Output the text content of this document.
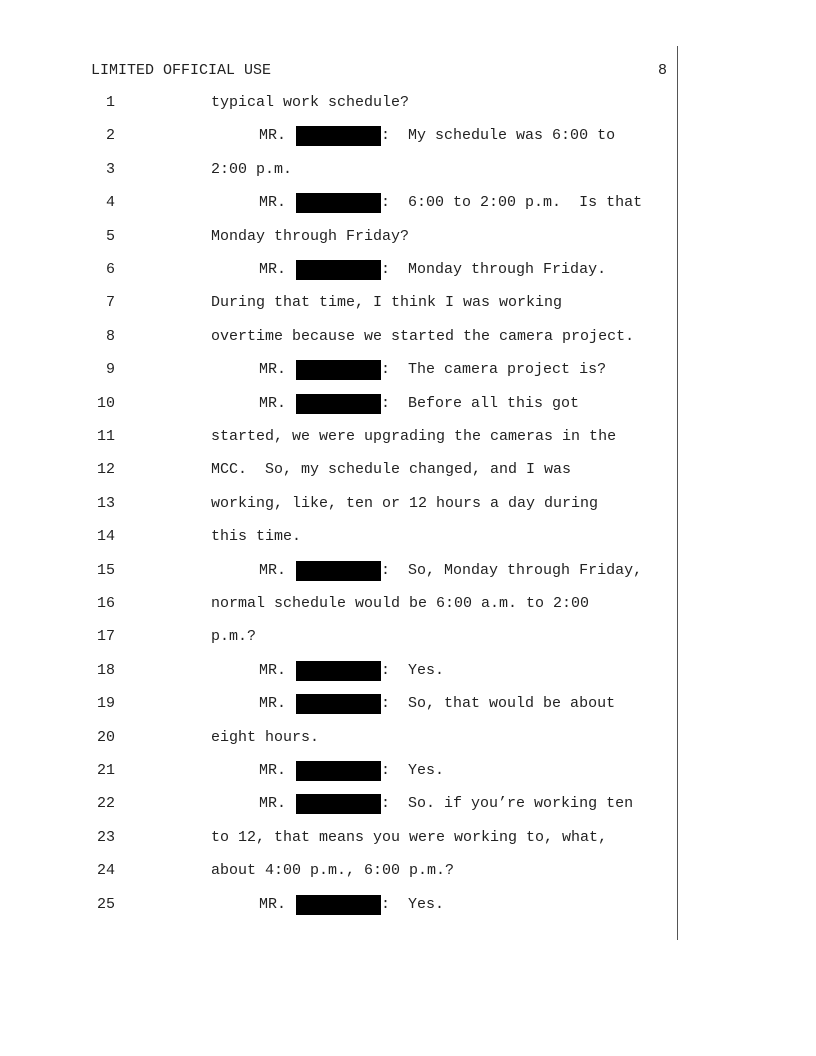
LIMITED OFFICIAL USE	8
1	typical work schedule?
2	MR.	:  My schedule was 6:00 to
3	2:00 p.m.
4	MR.	:  6:00 to 2:00 p.m.  Is that
5	Monday through Friday?
6	MR.	:  Monday through Friday.
7	During that time, I think I was working
8	overtime because we started the camera project.
9	MR.	:  The camera project is?
10	MR.	:  Before all this got
11	started, we were upgrading the cameras in the
12	MCC.  So, my schedule changed, and I was
13	working, like, ten or 12 hours a day during
14	this time.
15	MR.	:  So, Monday through Friday,
16	normal schedule would be 6:00 a.m. to 2:00
17	p.m.?
18	MR.	:  Yes.
19	MR.	:  So, that would be about
20	eight hours.
21	MR.	:  Yes.
22	MR.	:  So. if you’re working ten
23	to 12, that means you were working to, what,
24	about 4:00 p.m., 6:00 p.m.?
25	MR.	:  Yes.
